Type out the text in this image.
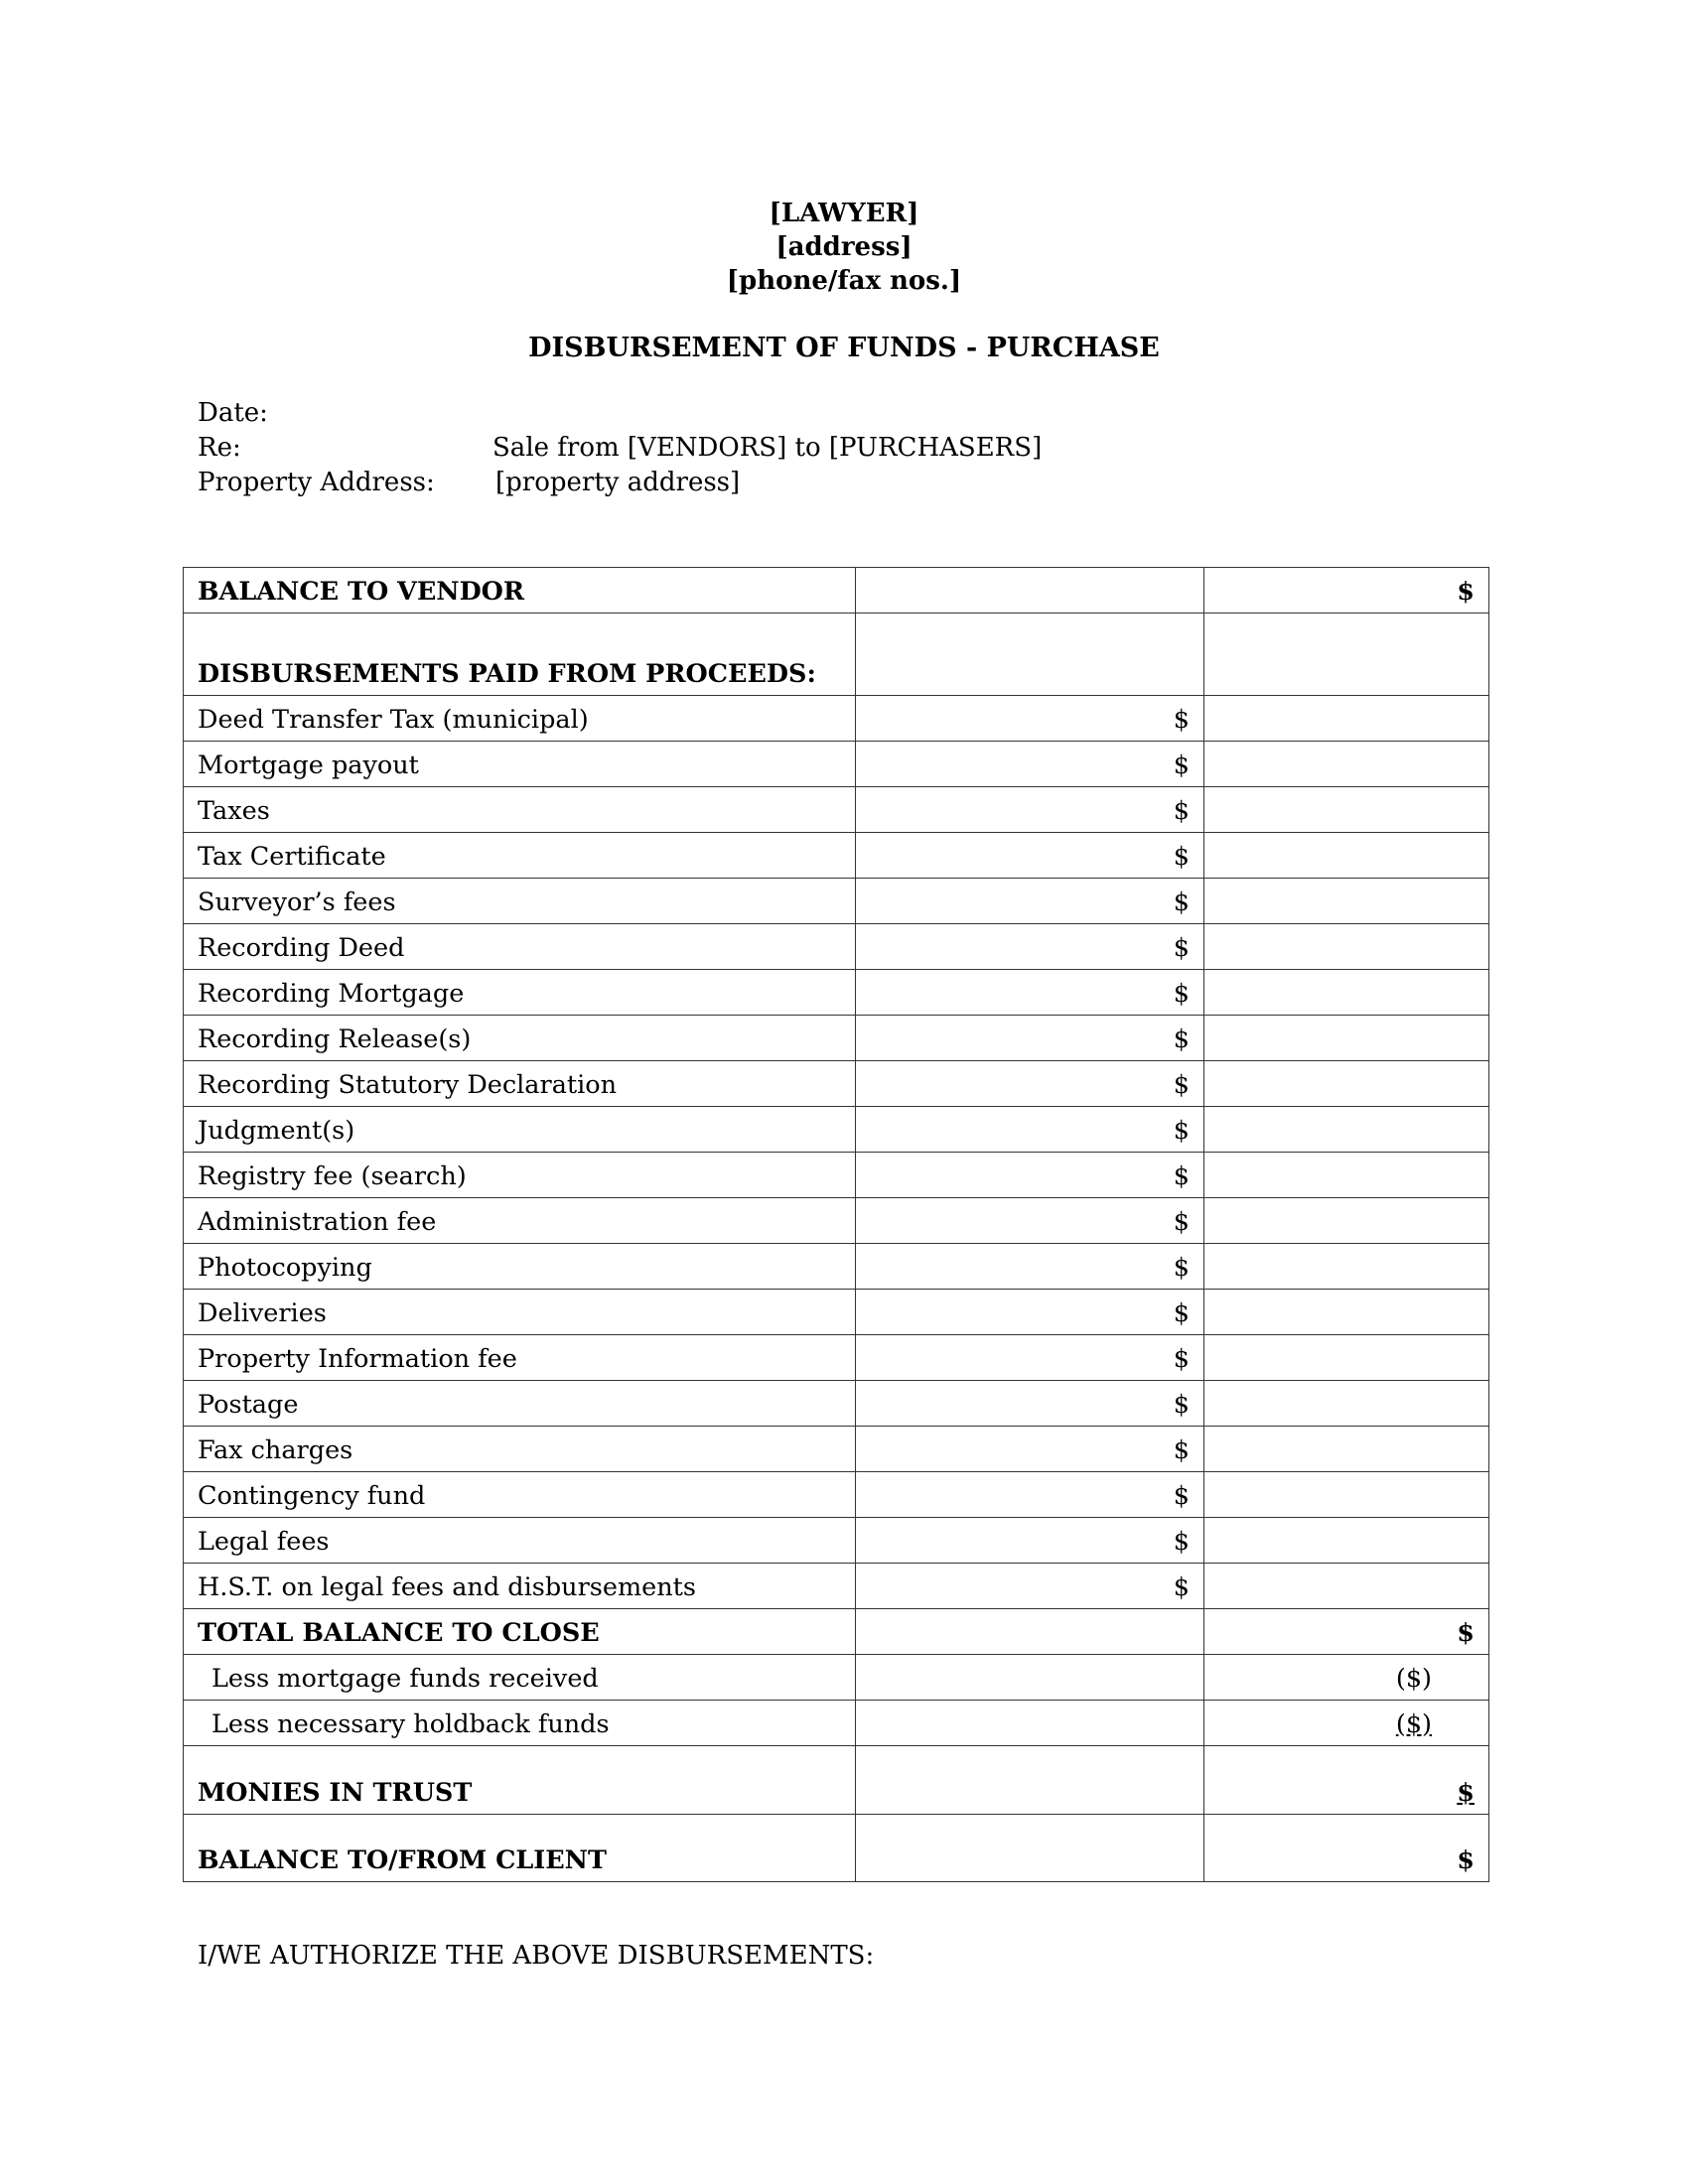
[LAWYER]
[address]
[phone/fax nos.]
DISBURSEMENT OF FUNDS - PURCHASE
Date:
Re:	Sale from [VENDORS] to [PURCHASERS]
Property Address: [property address]
BALANCE TO VENDOR		$
DISBURSEMENTS PAID FROM PROCEEDS:		
Deed Transfer Tax (municipal)	$	
Mortgage payout	$	
Taxes	$	
Tax Certificate	$	
Surveyor’s fees	$	
Recording Deed	$	
Recording Mortgage	$	
Recording Release(s)	$	
Recording Statutory Declaration	$	
Judgment(s)	$	
Registry fee (search)	$	
Administration fee	$	
Photocopying	$	
Deliveries	$	
Property Information fee	$	
Postage	$	
Fax charges	$	
Contingency fund	$	
Legal fees	$	
H.S.T. on legal fees and disbursements	$	
TOTAL BALANCE TO CLOSE		$
Less mortgage funds received		($)
Less necessary holdback funds		($)
MONIES IN TRUST		$
BALANCE TO/FROM CLIENT		$
I/WE AUTHORIZE THE ABOVE DISBURSEMENTS:
